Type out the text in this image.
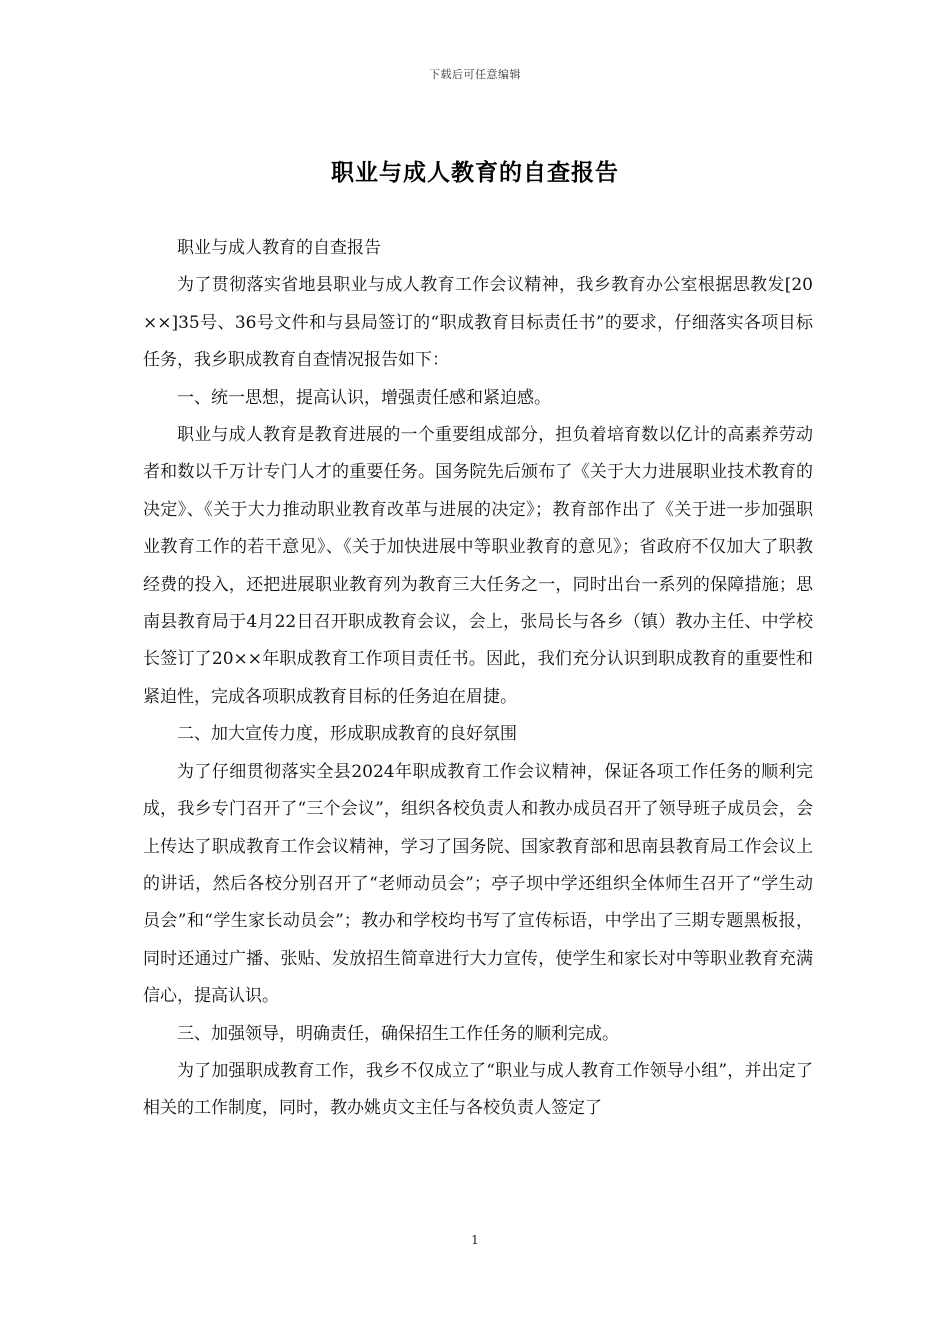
下载后可任意编辑
职业与成人教育的自查报告

职业与成人教育的自查报告

为了贯彻落实省地县职业与成人教育工作会议精神，我乡教育办公室根据思教发[20××]35号、36号文件和与县局签订的“职成教育目标责任书”的要求，仔细落实各项目标任务，我乡职成教育自查情况报告如下：

一、统一思想，提高认识，增强责任感和紧迫感。

职业与成人教育是教育进展的一个重要组成部分，担负着培育数以亿计的高素养劳动者和数以千万计专门人才的重要任务。国务院先后颁布了《关于大力进展职业技术教育的决定》、《关于大力推动职业教育改革与进展的决定》；教育部作出了《关于进一步加强职业教育工作的若干意见》、《关于加快进展中等职业教育的意见》；省政府不仅加大了职教经费的投入，还把进展职业教育列为教育三大任务之一，同时出台一系列的保障措施；思南县教育局于4月22日召开职成教育会议，会上，张局长与各乡（镇）教办主任、中学校长签订了20××年职成教育工作项目责任书。因此，我们充分认识到职成教育的重要性和紧迫性，完成各项职成教育目标的任务迫在眉捷。

二、加大宣传力度，形成职成教育的良好氛围

为了仔细贯彻落实全县2024年职成教育工作会议精神，保证各项工作任务的顺利完成，我乡专门召开了“三个会议”，组织各校负责人和教办成员召开了领导班子成员会，会上传达了职成教育工作会议精神，学习了国务院、国家教育部和思南县教育局工作会议上的讲话，然后各校分别召开了“老师动员会”；亭子坝中学还组织全体师生召开了“学生动员会”和“学生家长动员会”；教办和学校均书写了宣传标语，中学出了三期专题黑板报，同时还通过广播、张贴、发放招生简章进行大力宣传，使学生和家长对中等职业教育充满信心，提高认识。

三、加强领导，明确责任，确保招生工作任务的顺利完成。

为了加强职成教育工作，我乡不仅成立了“职业与成人教育工作领导小组”，并出定了相关的工作制度，同时，教办姚贞文主任与各校负责人签定了

1
